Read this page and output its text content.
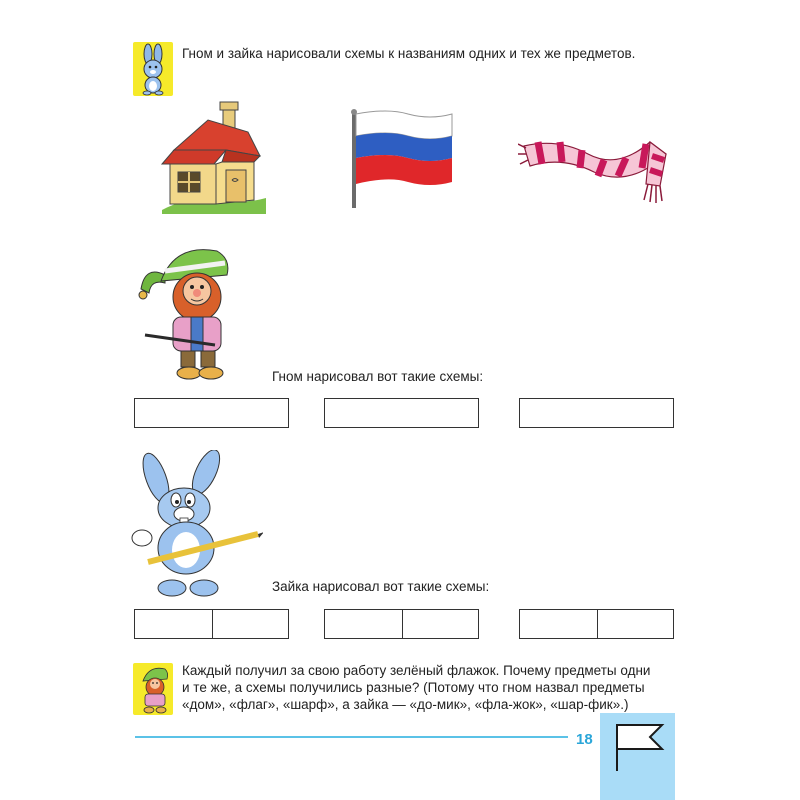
Гном и зайка нарисовали схемы к названиям одних и тех же предметов.
Гном нарисовал вот такие схемы:
Зайка нарисовал вот такие схемы:
Каждый получил за свою работу зелёный флажок. Почему предметы одни
и те же, а схемы получились разные? (Потому что гном назвал предметы
«дом», «флаг», «шарф», а зайка — «до-мик», «фла-жок», «шар-фик».)
18
